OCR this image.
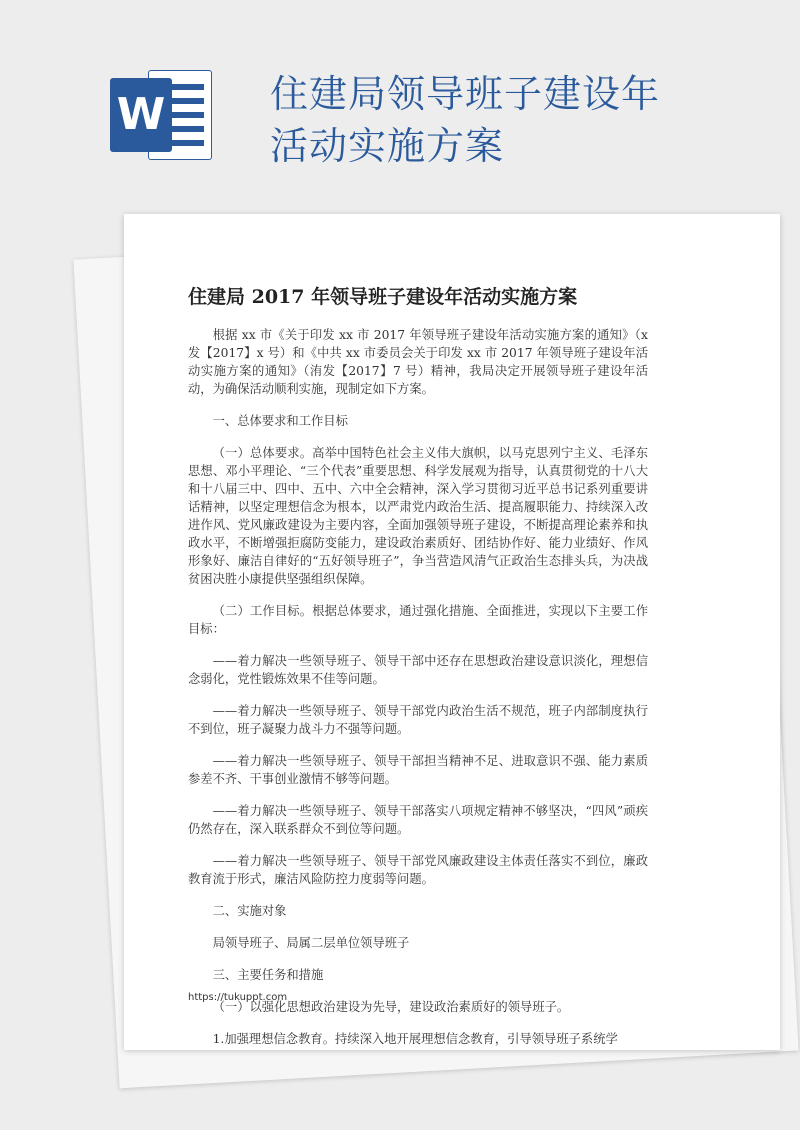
W	住建局领导班子建设年
活动实施方案
住建局 2017 年领导班子建设年活动实施方案

根据 xx 市《关于印发 xx 市 2017 年领导班子建设年活动实施方案的通知》（x 发【2017】x 号）和《中共 xx 市委员会关于印发 xx 市 2017 年领导班子建设年活动实施方案的通知》（洧发【2017】7 号）精神，我局决定开展领导班子建设年活动，为确保活动顺利实施，现制定如下方案。

一、总体要求和工作目标

（一）总体要求。高举中国特色社会主义伟大旗帜，以马克思列宁主义、毛泽东思想、邓小平理论、“三个代表”重要思想、科学发展观为指导，认真贯彻党的十八大和十八届三中、四中、五中、六中全会精神，深入学习贯彻习近平总书记系列重要讲话精神，以坚定理想信念为根本，以严肃党内政治生活、提高履职能力、持续深入改进作风、党风廉政建设为主要内容，全面加强领导班子建设，不断提高理论素养和执政水平，不断增强拒腐防变能力，建设政治素质好、团结协作好、能力业绩好、作风形象好、廉洁自律好的“五好领导班子”，争当营造风清气正政治生态排头兵，为决战贫困决胜小康提供坚强组织保障。

（二）工作目标。根据总体要求，通过强化措施、全面推进，实现以下主要工作目标：

——着力解决一些领导班子、领导干部中还存在思想政治建设意识淡化，理想信念弱化，党性锻炼效果不佳等问题。

——着力解决一些领导班子、领导干部党内政治生活不规范，班子内部制度执行不到位，班子凝聚力战斗力不强等问题。

——着力解决一些领导班子、领导干部担当精神不足、进取意识不强、能力素质参差不齐、干事创业激情不够等问题。

——着力解决一些领导班子、领导干部落实八项规定精神不够坚决，“四风”顽疾仍然存在，深入联系群众不到位等问题。

——着力解决一些领导班子、领导干部党风廉政建设主体责任落实不到位，廉政教育流于形式，廉洁风险防控力度弱等问题。

二、实施对象

局领导班子、局属二层单位领导班子

三、主要任务和措施

（一）以强化思想政治建设为先导，建设政治素质好的领导班子。

1.加强理想信念教育。持续深入地开展理想信念教育，引导领导班子系统学

https://tukuppt.com
